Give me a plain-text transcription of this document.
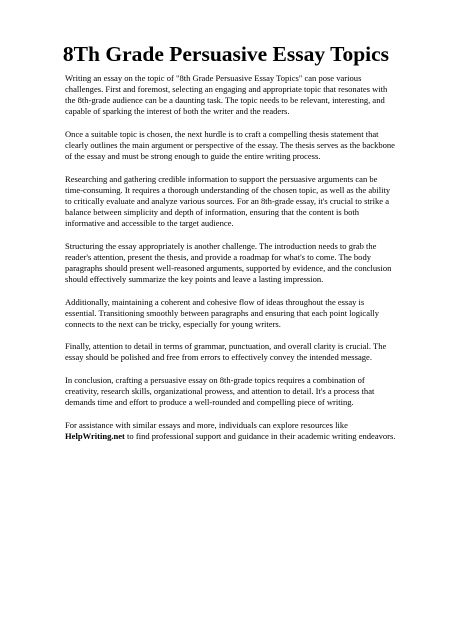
8Th Grade Persuasive Essay Topics

Writing an essay on the topic of "8th Grade Persuasive Essay Topics" can pose various challenges. First and foremost, selecting an engaging and appropriate topic that resonates with the 8th-grade audience can be a daunting task. The topic needs to be relevant, interesting, and capable of sparking the interest of both the writer and the readers.

Once a suitable topic is chosen, the next hurdle is to craft a compelling thesis statement that clearly outlines the main argument or perspective of the essay. The thesis serves as the backbone of the essay and must be strong enough to guide the entire writing process.

Researching and gathering credible information to support the persuasive arguments can be time-consuming. It requires a thorough understanding of the chosen topic, as well as the ability to critically evaluate and analyze various sources. For an 8th-grade essay, it's crucial to strike a balance between simplicity and depth of information, ensuring that the content is both informative and accessible to the target audience.

Structuring the essay appropriately is another challenge. The introduction needs to grab the reader's attention, present the thesis, and provide a roadmap for what's to come. The body paragraphs should present well-reasoned arguments, supported by evidence, and the conclusion should effectively summarize the key points and leave a lasting impression.

Additionally, maintaining a coherent and cohesive flow of ideas throughout the essay is essential. Transitioning smoothly between paragraphs and ensuring that each point logically connects to the next can be tricky, especially for young writers.

Finally, attention to detail in terms of grammar, punctuation, and overall clarity is crucial. The essay should be polished and free from errors to effectively convey the intended message.

In conclusion, crafting a persuasive essay on 8th-grade topics requires a combination of creativity, research skills, organizational prowess, and attention to detail. It's a process that demands time and effort to produce a well-rounded and compelling piece of writing.

For assistance with similar essays and more, individuals can explore resources like HelpWriting.net to find professional support and guidance in their academic writing endeavors.
